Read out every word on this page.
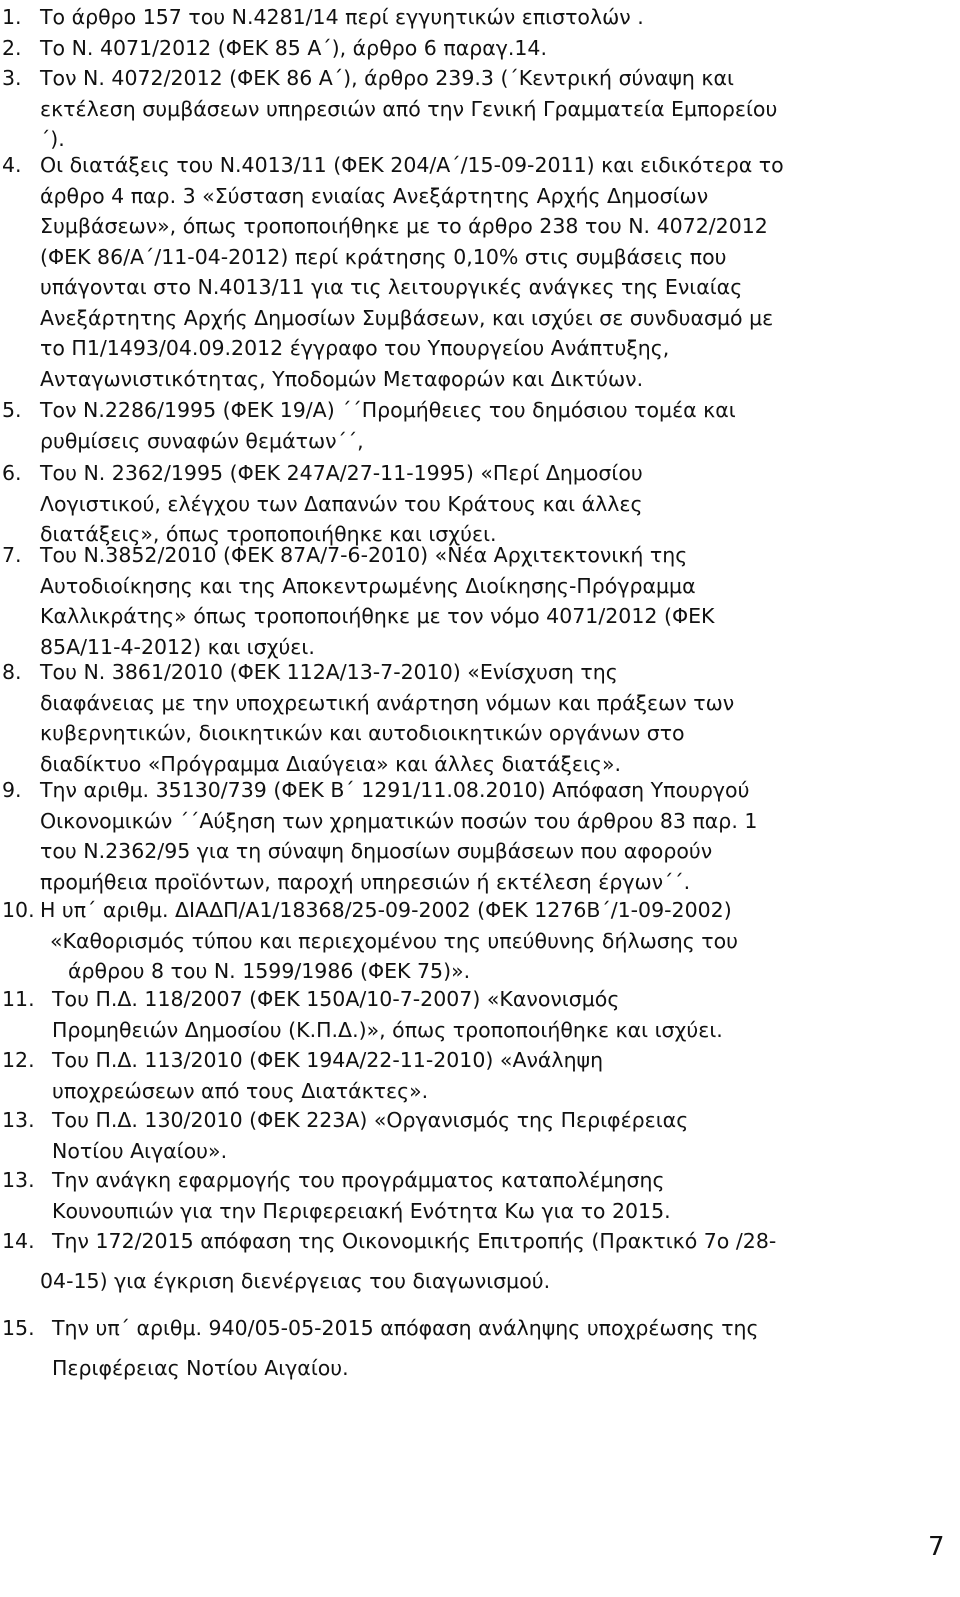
1. Το άρθρο 157 του Ν.4281/14 περί εγγυητικών επιστολών .
2. Το Ν. 4071/2012 (ΦΕΚ 85 Α΄), άρθρο 6 παραγ.14.
3. Τον Ν. 4072/2012 (ΦΕΚ 86 Α΄), άρθρο 239.3 (΄Κεντρική σύναψη και
εκτέλεση συμβάσεων υπηρεσιών από την Γενική Γραμματεία Εμπορείου
΄).
4. Οι διατάξεις του Ν.4013/11 (ΦΕΚ 204/Α΄/15-09-2011) και ειδικότερα το
άρθρο 4 παρ. 3 «Σύσταση ενιαίας Ανεξάρτητης Αρχής Δημοσίων
Συμβάσεων», όπως τροποποιήθηκε με το άρθρο 238 του Ν. 4072/2012
(ΦΕΚ 86/Α΄/11-04-2012) περί κράτησης 0,10% στις συμβάσεις που
υπάγονται στο Ν.4013/11 για τις λειτουργικές ανάγκες της Ενιαίας
Ανεξάρτητης Αρχής Δημοσίων Συμβάσεων, και ισχύει σε συνδυασμό με
το Π1/1493/04.09.2012 έγγραφο του Υπουργείου Ανάπτυξης,
Ανταγωνιστικότητας, Υποδομών Μεταφορών και Δικτύων.
5. Τον Ν.2286/1995 (ΦΕΚ 19/Α) ΄΄Προμήθειες του δημόσιου τομέα και
ρυθμίσεις συναφών θεμάτων΄΄,
6. Του Ν. 2362/1995 (ΦΕΚ 247Α/27-11-1995) «Περί Δημοσίου
Λογιστικού, ελέγχου των Δαπανών του Κράτους και άλλες
διατάξεις», όπως τροποποιήθηκε και ισχύει.
7. Του Ν.3852/2010 (ΦΕΚ 87Α/7-6-2010) «Νέα Αρχιτεκτονική της
Αυτοδιοίκησης και της Αποκεντρωμένης Διοίκησης-Πρόγραμμα
Καλλικράτης» όπως τροποποιήθηκε με τον νόμο 4071/2012 (ΦΕΚ
85Α/11-4-2012) και ισχύει.
8. Του Ν. 3861/2010 (ΦΕΚ 112Α/13-7-2010) «Ενίσχυση της
διαφάνειας με την υποχρεωτική ανάρτηση νόμων και πράξεων των
κυβερνητικών, διοικητικών και αυτοδιοικητικών οργάνων στο
διαδίκτυο «Πρόγραμμα Διαύγεια» και άλλες διατάξεις».
9. Την αριθμ. 35130/739 (ΦΕΚ Β΄ 1291/11.08.2010) Απόφαση Υπουργού
Οικονομικών ΄΄Αύξηση των χρηματικών ποσών του άρθρου 83 παρ. 1
του Ν.2362/95 για τη σύναψη δημοσίων συμβάσεων που αφορούν
προμήθεια προϊόντων, παροχή υπηρεσιών ή εκτέλεση έργων΄΄.
10. Η υπ΄ αριθμ. ΔΙΑΔΠ/Α1/18368/25-09-2002 (ΦΕΚ 1276Β΄/1-09-2002)
«Καθορισμός τύπου και περιεχομένου της υπεύθυνης δήλωσης του
άρθρου 8 του Ν. 1599/1986 (ΦΕΚ 75)».
11. Του Π.Δ. 118/2007 (ΦΕΚ 150Α/10-7-2007) «Κανονισμός
Προμηθειών Δημοσίου (Κ.Π.Δ.)», όπως τροποποιήθηκε και ισχύει.
12. Του Π.Δ. 113/2010 (ΦΕΚ 194Α/22-11-2010) «Ανάληψη
υποχρεώσεων από τους Διατάκτες».
13. Του Π.Δ. 130/2010 (ΦΕΚ 223Α) «Οργανισμός της Περιφέρειας
Νοτίου Αιγαίου».
13. Την ανάγκη εφαρμογής του προγράμματος καταπολέμησης
Κουνουπιών για την Περιφερειακή Ενότητα Κω για το 2015.
14. Την 172/2015 απόφαση της Οικονομικής Επιτροπής (Πρακτικό 7ο /28-
04-15) για έγκριση διενέργειας του διαγωνισμού.
15. Την υπ΄ αριθμ. 940/05-05-2015 απόφαση ανάληψης υποχρέωσης της
Περιφέρειας Νοτίου Αιγαίου.
7
